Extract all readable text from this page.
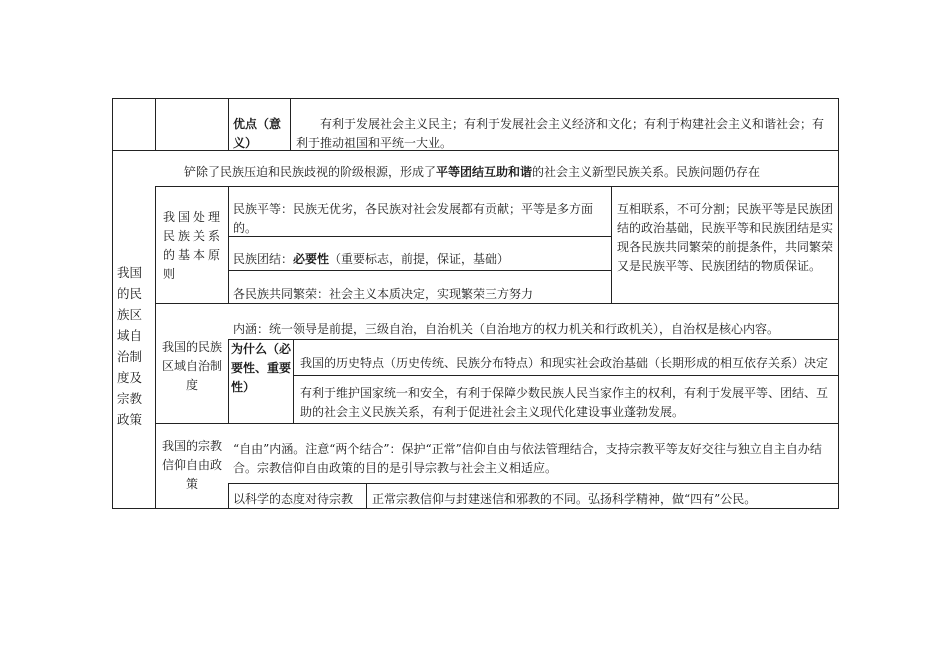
优点（意义）
有利于发展社会主义民主；有利于发展社会主义经济和文化；有利于构建社会主义和谐社会；有利于推动祖国和平统一大业。
我国的民族区域自治制度及宗教政策
铲除了民族压迫和民族歧视的阶级根源，形成了平等团结互助和谐的社会主义新型民族关系。民族问题仍存在
我国处理民族关系的基本原则
民族平等：民族无优劣，各民族对社会发展都有贡献；平等是多方面的。
民族团结：必要性（重要标志，前提，保证，基础）
各民族共同繁荣：社会主义本质决定，实现繁荣三方努力
互相联系，不可分割；民族平等是民族团结的政治基础，民族平等和民族团结是实现各民族共同繁荣的前提条件，共同繁荣又是民族平等、民族团结的物质保证。
我国的民族区域自治制度
内涵：统一领导是前提，三级自治，自治机关（自治地方的权力机关和行政机关），自治权是核心内容。
为什么（必要性、重要性）
我国的历史特点（历史传统、民族分布特点）和现实社会政治基础（长期形成的相互依存关系）决定
有利于维护国家统一和安全，有利于保障少数民族人民当家作主的权利，有利于发展平等、团结、互助的社会主义民族关系，有利于促进社会主义现代化建设事业蓬勃发展。
我国的宗教信仰自由政策
“自由”内涵。注意“两个结合”：保护“正常”信仰自由与依法管理结合，支持宗教平等友好交往与独立自主自办结合。宗教信仰自由政策的目的是引导宗教与社会主义相适应。
以科学的态度对待宗教	正常宗教信仰与封建迷信和邪教的不同。弘扬科学精神，做“四有”公民。
